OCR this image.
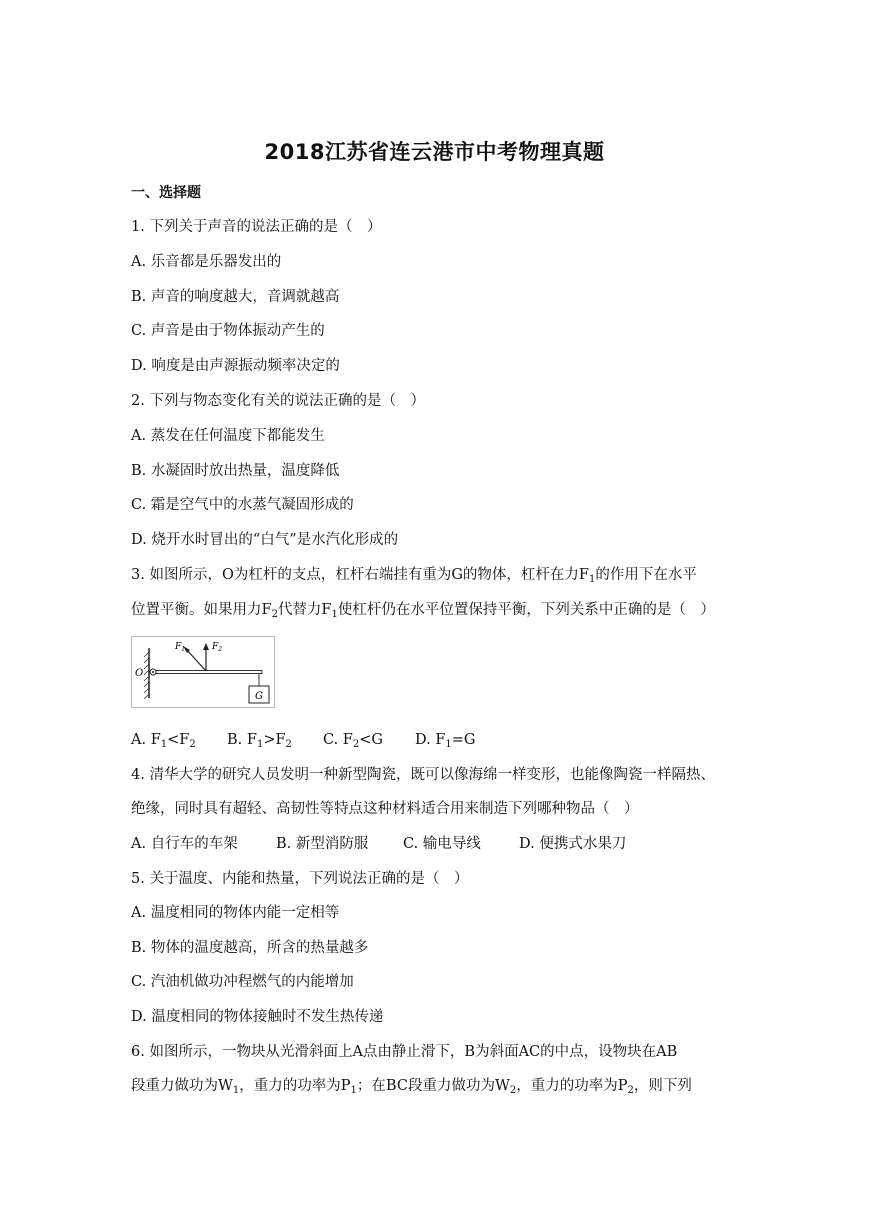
2018江苏省连云港市中考物理真题
一、选择题
1. 下列关于声音的说法正确的是（　）
A. 乐音都是乐器发出的
B. 声音的响度越大，音调就越高
C. 声音是由于物体振动产生的
D. 响度是由声源振动频率决定的
2. 下列与物态变化有关的说法正确的是（　）
A. 蒸发在任何温度下都能发生
B. 水凝固时放出热量，温度降低
C. 霜是空气中的水蒸气凝固形成的
D. 烧开水时冒出的“白气”是水汽化形成的
3. 如图所示，O为杠杆的支点，杠杆右端挂有重为G的物体，杠杆在力$F_1$的作用下在水平
位置平衡。如果用力$F_2$代替力$F_1$使杠杆仍在水平位置保持平衡，下列关系中正确的是（　）
G
O
$F_1$	$F_2$
A. $F_1<F_2$ B. $F_1>F_2$ C. $F_2<G$ D. $F_1=G$
4. 清华大学的研究人员发明一种新型陶瓷，既可以像海绵一样变形，也能像陶瓷一样隔热、
绝缘，同时具有超轻、高韧性等特点这种材料适合用来制造下列哪种物品（　）
A. 自行车的车架	B. 新型消防服 C. 输电导线	D. 便携式水果刀
5. 关于温度、内能和热量，下列说法正确的是（　）
A. 温度相同的物体内能一定相等
B. 物体的温度越高，所含的热量越多
C. 汽油机做功冲程燃气的内能增加
D. 温度相同的物体接触时不发生热传递
6. 如图所示，一物块从光滑斜面上A点由静止滑下，B为斜面AC的中点，设物块在AB
段重力做功为$W_1$，重力的功率为$P_1$；在BC段重力做功为$W_2$，重力的功率为$P_2$，则下列
